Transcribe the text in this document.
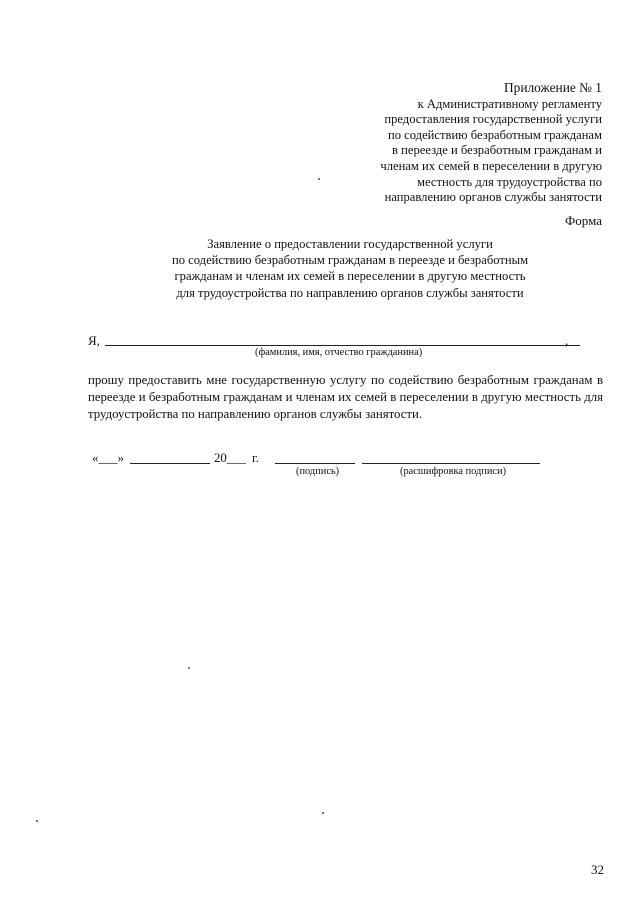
Приложение № 1
к Административному регламенту
предоставления государственной услуги
по содействию безработным гражданам
в переезде и безработным гражданам и
членам их семей в переселении в другую
местность для трудоустройства по
направлению органов службы занятости
Форма
Заявление о предоставлении государственной услуги
по содействию безработным гражданам в переезде и безработным
гражданам и членам их семей в переселении в другую местность
для трудоустройства по направлению органов службы занятости
Я,	,
(фамилия, имя, отчество гражданина)
прошу предоставить мне государственную услугу по содействию безработным гражданам в переезде и безработным гражданам и членам их семей в переселении в другую местность для трудоустройства по направлению органов службы занятости.
«___»	20___ г.
(подпись)	(расшифровка подписи)
32
